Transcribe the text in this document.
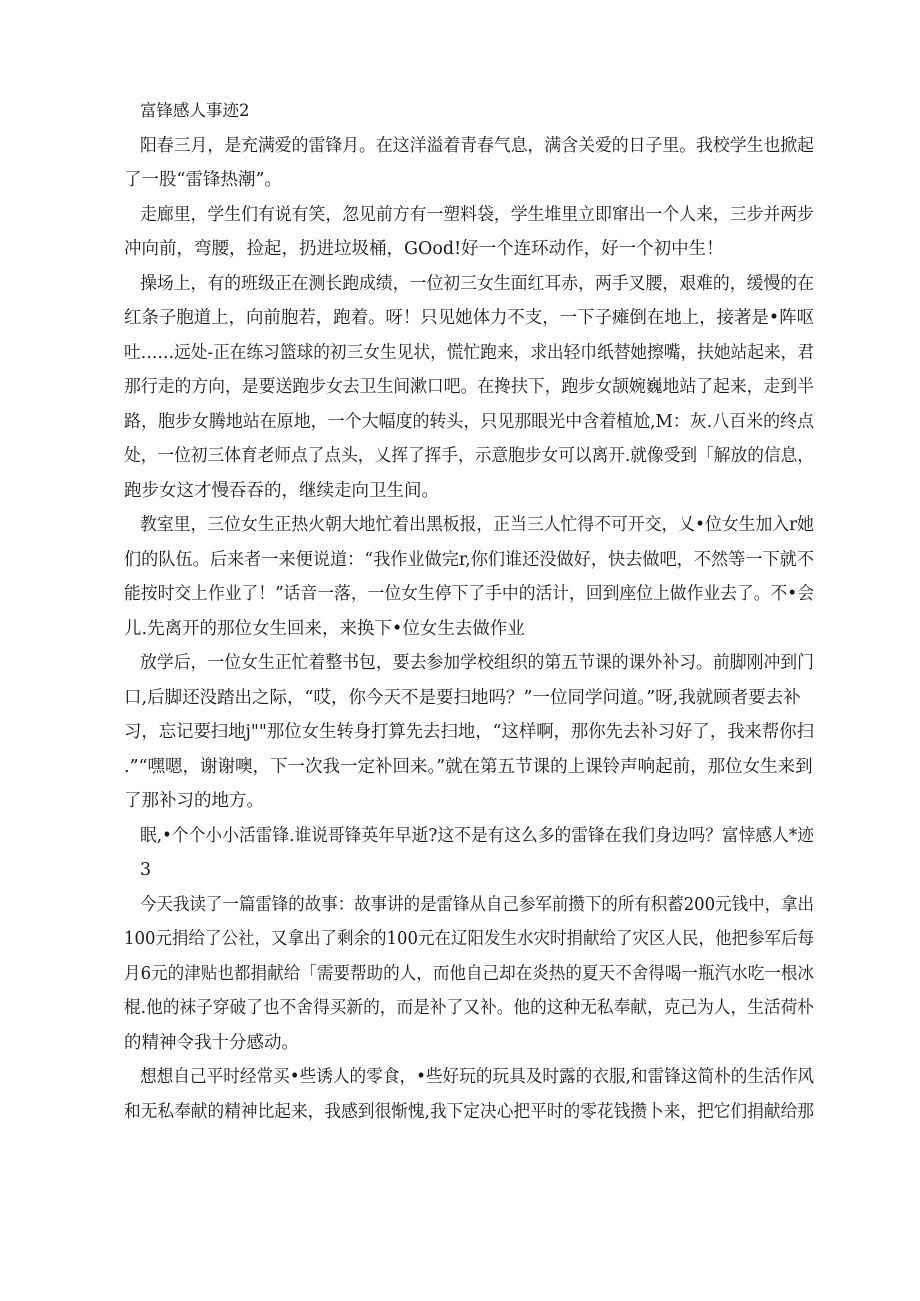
富锋感人事迹2
阳春三月，是充满爱的雷锋月。在这洋溢着青春气息，满含关爱的日子里。我校学生也掀起
了一股“雷锋热潮”。
走廊里，学生们有说有笑，忽见前方有一塑料袋，学生堆里立即窜出一个人来，三步并两步
冲向前，弯腰，捡起，扔进垃圾桶，GOod!好一个连环动作，好一个初中生！
操场上，有的班级正在测长跑成绩，一位初三女生面红耳赤，两手叉腰，艰难的，缓慢的在
红条子胞道上，向前胞若，跑着。呀！只见她体力不支，一下子瘫倒在地上，接著是•阵呕
吐……远处-正在练习篮球的初三女生见状，慌忙跑来，求出轻巾纸替她擦嘴，扶她站起来，君
那行走的方向，是要送跑步女去卫生间漱口吧。在搀扶下，跑步女颉婉巍地站了起来，走到半
路，胞步女腾地站在原地，一个大幅度的转头，只见那眼光中含着植尬,M：灰.八百米的终点
处，一位初三体育老师点了点头，乂挥了挥手，示意胞步女可以离开.就像受到「解放的信息，
跑步女这才慢吞吞的，继续走向卫生间。
教室里，三位女生正热火朝大地忙着出黑板报，正当三人忙得不可开交，乂•位女生加入r她
们的队伍。后来者一来便说道：“我作业做完r,你们谁还没做好，快去做吧，不然等一下就不
能按时交上作业了！”话音一落，一位女生停下了手中的活计，回到座位上做作业去了。不•会
儿.先离开的那位女生回来，来换下•位女生去做作业
放学后，一位女生正忙着整书包，要去参加学校组织的第五节课的课外补习。前脚刚冲到门
口,后脚还没踏出之际，“哎，你今天不是要扫地吗？”一位同学问道。”呀,我就顾者要去补
习，忘记要扫地j""那位女生转身打算先去扫地，“这样啊，那你先去补习好了，我来帮你扫
.”“嘿嗯，谢谢噢，下一次我一定补回来。”就在第五节课的上课铃声响起前，那位女生来到
了那补习的地方。
眠,•个个小小活雷锋.谁说哥锋英年早逝?这不是有这么多的雷锋在我们身边吗？富悻感人*迹
3
今天我读了一篇雷锋的故事：故事讲的是雷锋从自己参军前攒下的所有积蓄200元钱中，拿出
100元捐给了公社，又拿出了剩余的100元在辽阳发生水灾时捐献给了灾区人民，他把参军后每
月6元的津贴也都捐献给「需要帮助的人，而他自己却在炎热的夏天不舍得喝一瓶汽水吃一根冰
棍.他的袜子穿破了也不舍得买新的，而是补了又补。他的这种无私奉献，克己为人，生活荷朴
的精神令我十分感动。
想想自己平时经常买•些诱人的零食，•些好玩的玩具及时露的衣服,和雷锋这简朴的生活作风
和无私奉献的精神比起来，我感到很惭愧,我下定决心把平时的零花钱攒卜来，把它们捐献给那
